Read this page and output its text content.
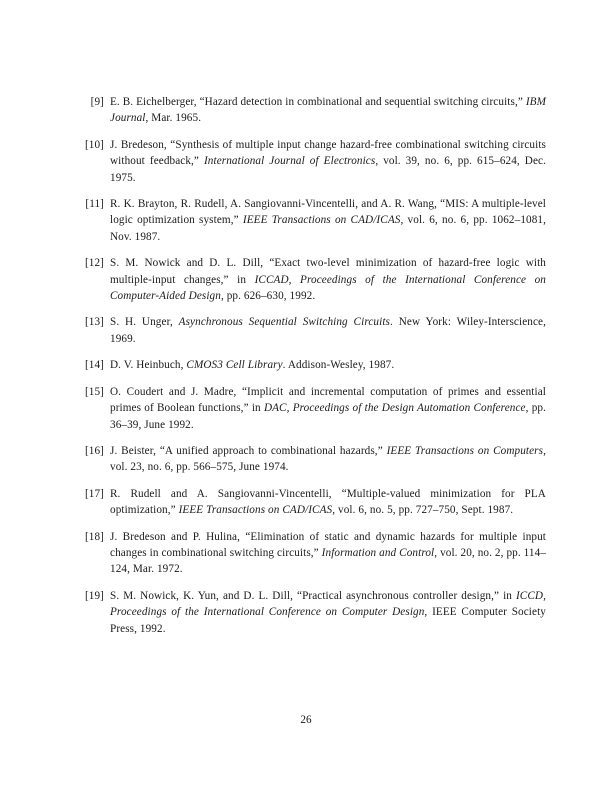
[9] E. B. Eichelberger, “Hazard detection in combinational and sequential switching circuits,” IBM Journal, Mar. 1965.
[10] J. Bredeson, “Synthesis of multiple input change hazard-free combinational switching circuits without feedback,” International Journal of Electronics, vol. 39, no. 6, pp. 615–624, Dec. 1975.
[11] R. K. Brayton, R. Rudell, A. Sangiovanni-Vincentelli, and A. R. Wang, “MIS: A multiple-level logic optimization system,” IEEE Transactions on CAD/ICAS, vol. 6, no. 6, pp. 1062–1081, Nov. 1987.
[12] S. M. Nowick and D. L. Dill, “Exact two-level minimization of hazard-free logic with multiple-input changes,” in ICCAD, Proceedings of the International Conference on Computer-Aided Design, pp. 626–630, 1992.
[13] S. H. Unger, Asynchronous Sequential Switching Circuits. New York: Wiley-Interscience, 1969.
[14] D. V. Heinbuch, CMOS3 Cell Library. Addison-Wesley, 1987.
[15] O. Coudert and J. Madre, “Implicit and incremental computation of primes and essential primes of Boolean functions,” in DAC, Proceedings of the Design Automation Conference, pp. 36–39, June 1992.
[16] J. Beister, “A unified approach to combinational hazards,” IEEE Transactions on Computers, vol. 23, no. 6, pp. 566–575, June 1974.
[17] R. Rudell and A. Sangiovanni-Vincentelli, “Multiple-valued minimization for PLA optimization,” IEEE Transactions on CAD/ICAS, vol. 6, no. 5, pp. 727–750, Sept. 1987.
[18] J. Bredeson and P. Hulina, “Elimination of static and dynamic hazards for multiple input changes in combinational switching circuits,” Information and Control, vol. 20, no. 2, pp. 114–124, Mar. 1972.
[19] S. M. Nowick, K. Yun, and D. L. Dill, “Practical asynchronous controller design,” in ICCD, Proceedings of the International Conference on Computer Design, IEEE Computer Society Press, 1992.
26
